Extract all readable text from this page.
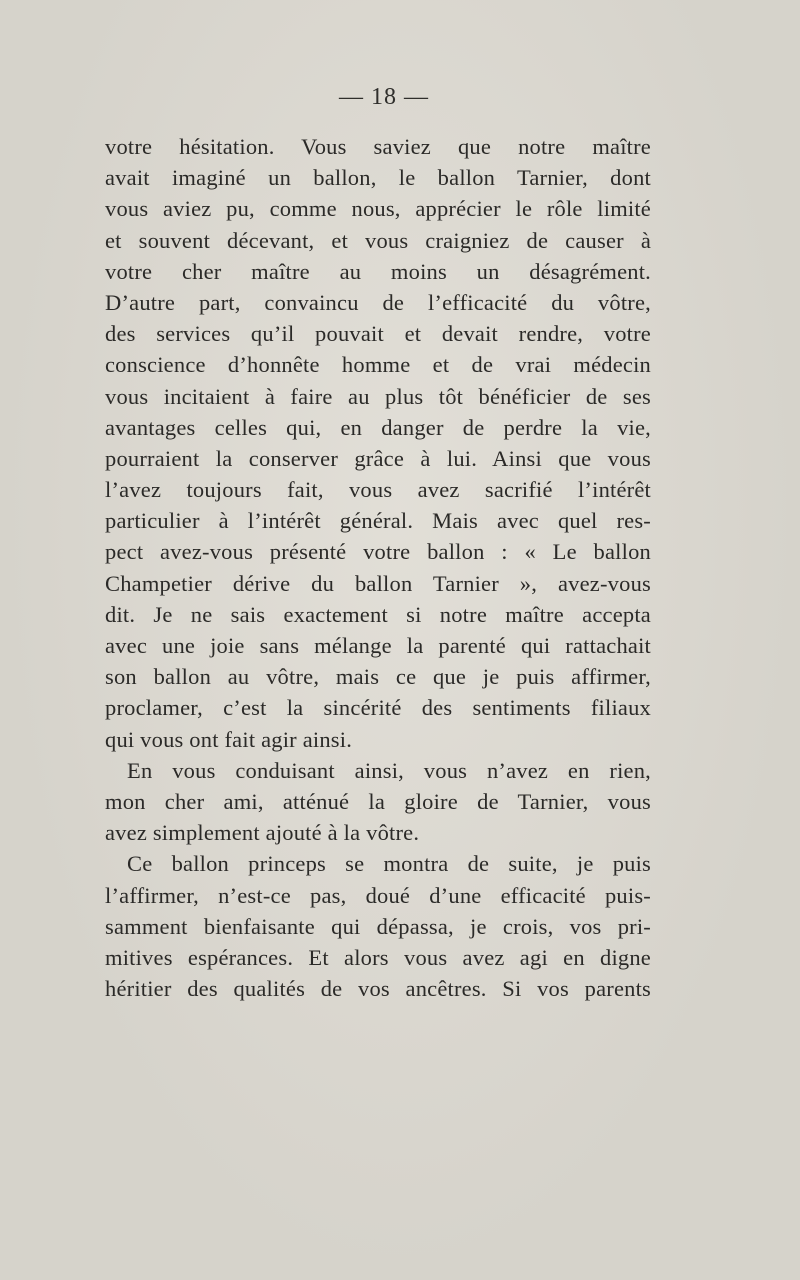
— 18 —
votre hésitation. Vous saviez que notre maître
avait imaginé un ballon, le ballon Tarnier, dont
vous aviez pu, comme nous, apprécier le rôle limité
et souvent décevant, et vous craigniez de causer à
votre cher maître au moins un désagrément.
D’autre part, convaincu de l’efficacité du vôtre,
des services qu’il pouvait et devait rendre, votre
conscience d’honnête homme et de vrai médecin
vous incitaient à faire au plus tôt bénéficier de ses
avantages celles qui, en danger de perdre la vie,
pourraient la conserver grâce à lui. Ainsi que vous
l’avez toujours fait, vous avez sacrifié l’intérêt
particulier à l’intérêt général. Mais avec quel res-
pect avez-vous présenté votre ballon : « Le ballon
Champetier dérive du ballon Tarnier », avez-vous
dit. Je ne sais exactement si notre maître accepta
avec une joie sans mélange la parenté qui rattachait
son ballon au vôtre, mais ce que je puis affirmer,
proclamer, c’est la sincérité des sentiments filiaux
qui vous ont fait agir ainsi.
En vous conduisant ainsi, vous n’avez en rien,
mon cher ami, atténué la gloire de Tarnier, vous
avez simplement ajouté à la vôtre.
Ce ballon princeps se montra de suite, je puis
l’affirmer, n’est-ce pas, doué d’une efficacité puis-
samment bienfaisante qui dépassa, je crois, vos pri-
mitives espérances. Et alors vous avez agi en digne
héritier des qualités de vos ancêtres. Si vos parents
